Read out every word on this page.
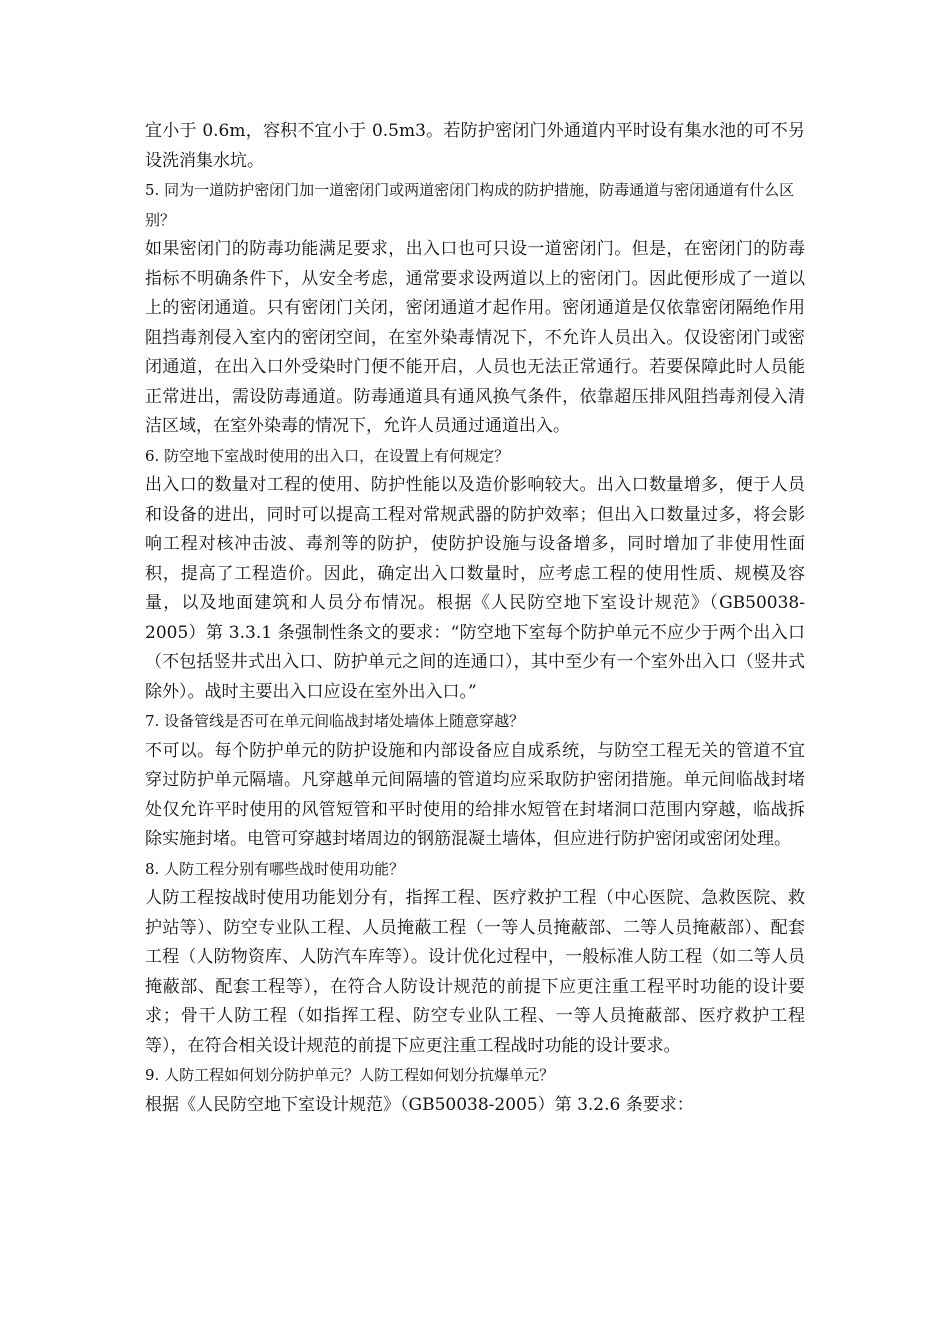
宜小于 0.6m，容积不宜小于 0.5m3。若防护密闭门外通道内平时设有集水池的可不另设洗消集水坑。

5. 同为一道防护密闭门加一道密闭门或两道密闭门构成的防护措施，防毒通道与密闭通道有什么区别？

如果密闭门的防毒功能满足要求，出入口也可只设一道密闭门。但是，在密闭门的防毒指标不明确条件下，从安全考虑，通常要求设两道以上的密闭门。因此便形成了一道以上的密闭通道。只有密闭门关闭，密闭通道才起作用。密闭通道是仅依靠密闭隔绝作用阻挡毒剂侵入室内的密闭空间，在室外染毒情况下，不允许人员出入。仅设密闭门或密闭通道，在出入口外受染时门便不能开启，人员也无法正常通行。若要保障此时人员能正常进出，需设防毒通道。防毒通道具有通风换气条件，依靠超压排风阻挡毒剂侵入清洁区域，在室外染毒的情况下，允许人员通过通道出入。

6. 防空地下室战时使用的出入口，在设置上有何规定？

出入口的数量对工程的使用、防护性能以及造价影响较大。出入口数量增多，便于人员和设备的进出，同时可以提高工程对常规武器的防护效率；但出入口数量过多，将会影响工程对核冲击波、毒剂等的防护，使防护设施与设备增多，同时增加了非使用性面积，提高了工程造价。因此，确定出入口数量时，应考虑工程的使用性质、规模及容量，以及地面建筑和人员分布情况。根据《人民防空地下室设计规范》（GB50038-2005）第 3.3.1 条强制性条文的要求：“防空地下室每个防护单元不应少于两个出入口（不包括竖井式出入口、防护单元之间的连通口），其中至少有一个室外出入口（竖井式除外）。战时主要出入口应设在室外出入口。”

7. 设备管线是否可在单元间临战封堵处墙体上随意穿越？

不可以。每个防护单元的防护设施和内部设备应自成系统，与防空工程无关的管道不宜穿过防护单元隔墙。凡穿越单元间隔墙的管道均应采取防护密闭措施。单元间临战封堵处仅允许平时使用的风管短管和平时使用的给排水短管在封堵洞口范围内穿越，临战拆除实施封堵。电管可穿越封堵周边的钢筋混凝土墙体，但应进行防护密闭或密闭处理。

8. 人防工程分别有哪些战时使用功能？

人防工程按战时使用功能划分有，指挥工程、医疗救护工程（中心医院、急救医院、救护站等）、防空专业队工程、人员掩蔽工程（一等人员掩蔽部、二等人员掩蔽部）、配套工程（人防物资库、人防汽车库等）。设计优化过程中，一般标准人防工程（如二等人员掩蔽部、配套工程等），在符合人防设计规范的前提下应更注重工程平时功能的设计要求；骨干人防工程（如指挥工程、防空专业队工程、一等人员掩蔽部、医疗救护工程等），在符合相关设计规范的前提下应更注重工程战时功能的设计要求。

9. 人防工程如何划分防护单元？人防工程如何划分抗爆单元？

根据《人民防空地下室设计规范》（GB50038-2005）第 3.2.6 条要求：
